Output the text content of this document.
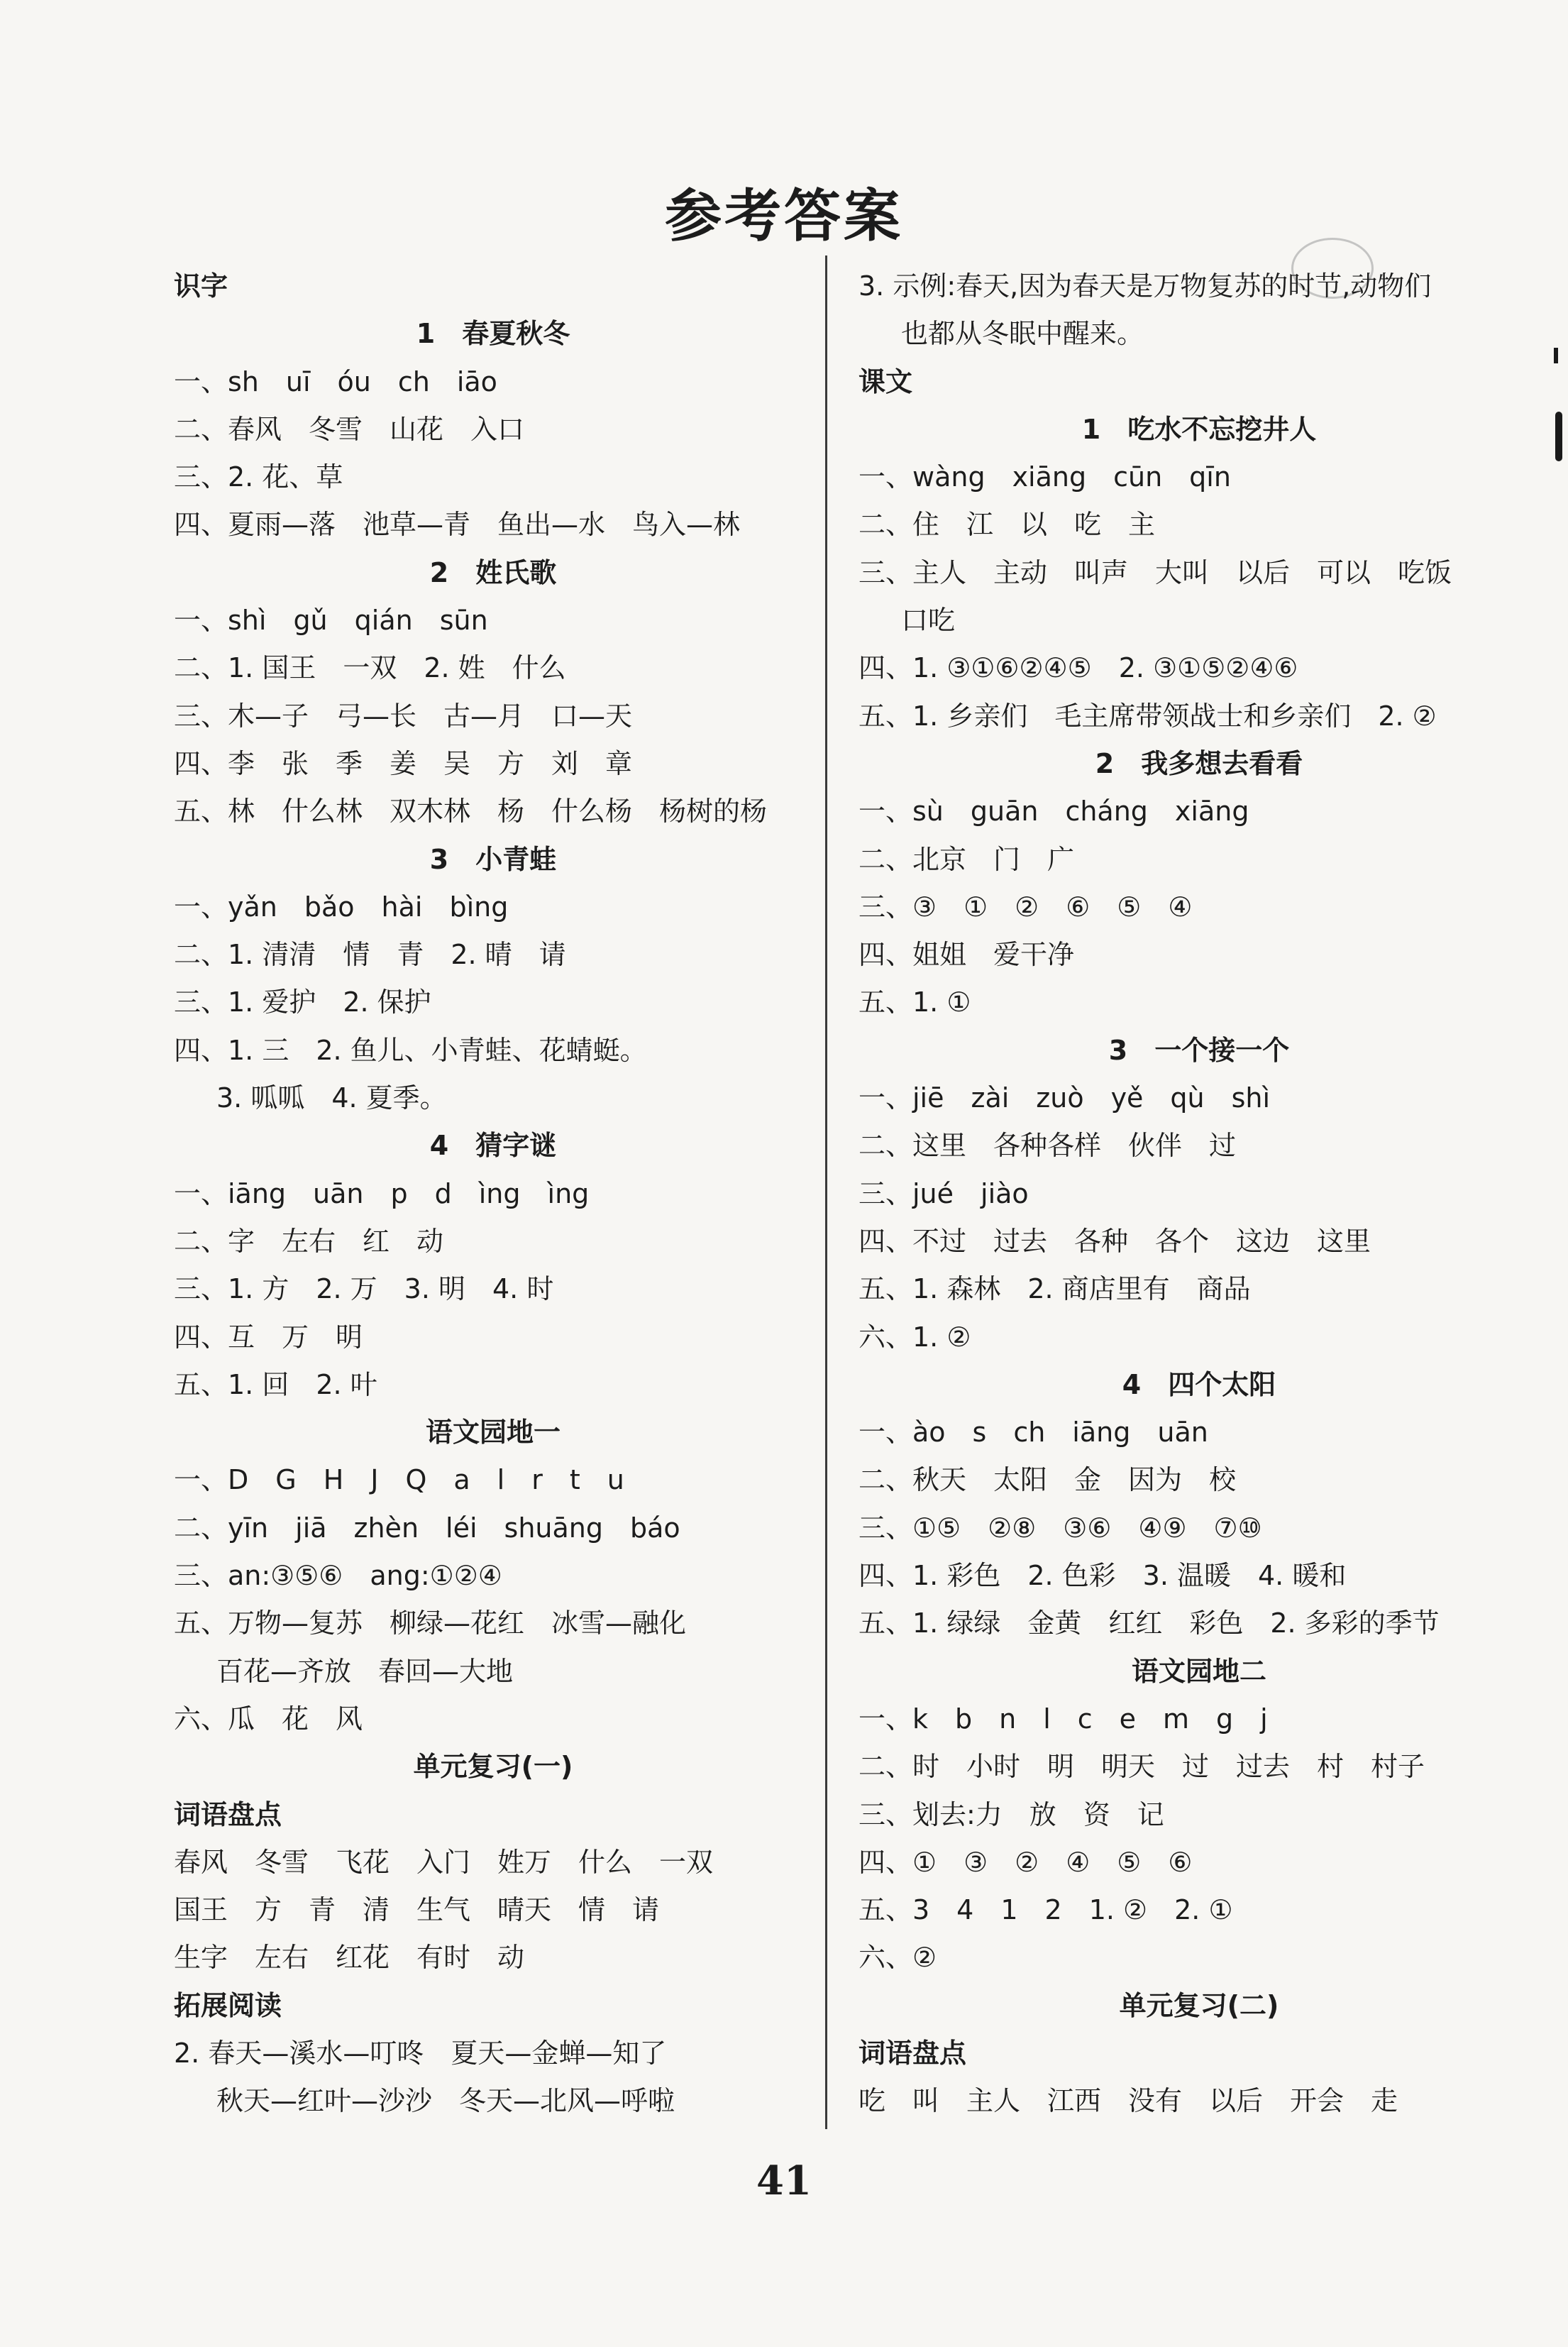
参考答案
识字
1　春夏秋冬
一、sh　uī　óu　ch　iāo
二、春风　冬雪　山花　入口
三、2. 花、草
四、夏雨—落　池草—青　鱼出—水　鸟入—林
2　姓氏歌
一、shì　gǔ　qián　sūn
二、1. 国王　一双　2. 姓　什么
三、木—子　弓—长　古—月　口—天
四、李　张　季　姜　吴　方　刘　章
五、林　什么林　双木林　杨　什么杨　杨树的杨
3　小青蛙
一、yǎn　bǎo　hài　bìng
二、1. 清清　情　青　2. 晴　请
三、1. 爱护　2. 保护
四、1. 三　2. 鱼儿、小青蛙、花蜻蜓。
3. 呱呱　4. 夏季。
4　猜字谜
一、iāng　uān　p　d　ìng　ìng
二、字　左右　红　动
三、1. 方　2. 万　3. 明　4. 时
四、互　万　明
五、1. 回　2. 叶
语文园地一
一、D　G　H　J　Q　a　l　r　t　u
二、yīn　jiā　zhèn　léi　shuāng　báo
三、an:③⑤⑥　ang:①②④
五、万物—复苏　柳绿—花红　冰雪—融化
百花—齐放　春回—大地
六、瓜　花　风
单元复习(一)
词语盘点
春风　冬雪　飞花　入门　姓万　什么　一双
国王　方　青　清　生气　晴天　情　请
生字　左右　红花　有时　动
拓展阅读
2. 春天—溪水—叮咚　夏天—金蝉—知了
秋天—红叶—沙沙　冬天—北风—呼啦
3. 示例:春天,因为春天是万物复苏的时节,动物们
也都从冬眠中醒来。
课文
1　吃水不忘挖井人
一、wàng　xiāng　cūn　qīn
二、住　江　以　吃　主
三、主人　主动　叫声　大叫　以后　可以　吃饭
口吃
四、1. ③①⑥②④⑤　2. ③①⑤②④⑥
五、1. 乡亲们　毛主席带领战士和乡亲们　2. ②
2　我多想去看看
一、sù　guān　cháng　xiāng
二、北京　门　广
三、③　①　②　⑥　⑤　④
四、姐姐　爱干净
五、1. ①
3　一个接一个
一、jiē　zài　zuò　yě　qù　shì
二、这里　各种各样　伙伴　过
三、jué　jiào
四、不过　过去　各种　各个　这边　这里
五、1. 森林　2. 商店里有　商品
六、1. ②
4　四个太阳
一、ào　s　ch　iāng　uān
二、秋天　太阳　金　因为　校
三、①⑤　②⑧　③⑥　④⑨　⑦⑩
四、1. 彩色　2. 色彩　3. 温暖　4. 暖和
五、1. 绿绿　金黄　红红　彩色　2. 多彩的季节
语文园地二
一、k　b　n　l　c　e　m　g　j
二、时　小时　明　明天　过　过去　村　村子
三、划去:力　放　资　记
四、①　③　②　④　⑤　⑥
五、3　4　1　2　1. ②　2. ①
六、②
单元复习(二)
词语盘点
吃　叫　主人　江西　没有　以后　开会　走
41
